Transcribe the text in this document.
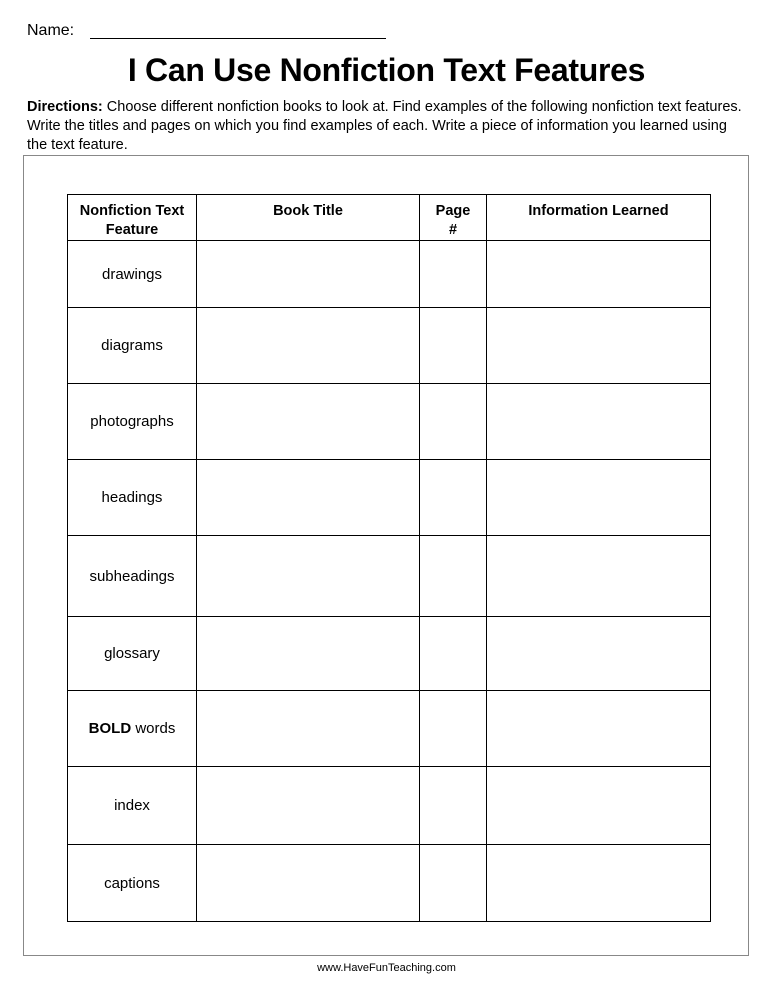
Name:
I Can Use Nonfiction Text Features
Directions: Choose different nonfiction books to look at. Find examples of the following nonfiction text features. Write the titles and pages on which you find examples of each. Write a piece of information you learned using the text feature.
Nonfiction Text Feature	Book Title	Page #	Information Learned
drawings			
diagrams			
photographs			
headings			
subheadings			
glossary			
BOLD words			
index			
captions			
www.HaveFunTeaching.com
